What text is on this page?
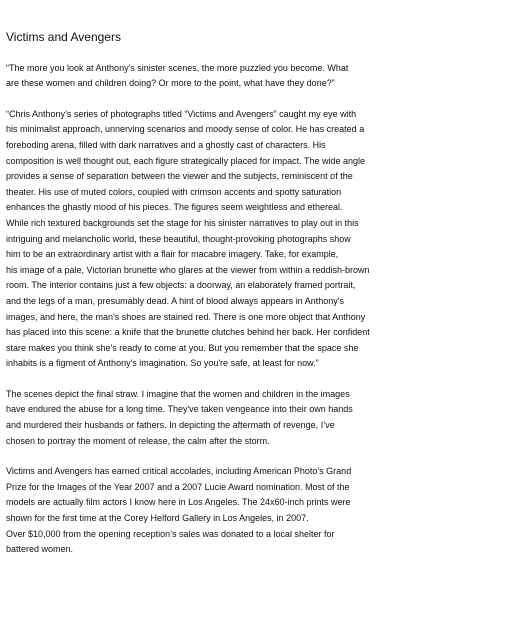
Victims and Avengers

“The more you look at Anthony's sinister scenes, the more puzzled you become. What
are these women and children doing? Or more to the point, what have they done?”

“Chris Anthony’s series of photographs titled “Victims and Avengers” caught my eye with
his minimalist approach, unnerving scenarios and moody sense of color. He has created a
foreboding arena, filled with dark narratives and a ghostly cast of characters. His
composition is well thought out, each figure strategically placed for impact. The wide angle
provides a sense of separation between the viewer and the subjects, reminiscent of the
theater. His use of muted colors, coupled with crimson accents and spotty saturation
enhances the ghastly mood of his pieces. The figures seem weightless and ethereal.
While rich textured backgrounds set the stage for his sinister narratives to play out in this
intriguing and melancholic world, these beautiful, thought-provoking photographs show
him to be an extraordinary artist with a flair for macabre imagery. Take, for example,
his image of a pale, Victorian brunette who glares at the viewer from within a reddish-brown
room. The interior contains just a few objects: a doorway, an elaborately framed portrait,
and the legs of a man, presumably dead. A hint of blood always appears in Anthony's
images, and here, the man's shoes are stained red. There is one more object that Anthony
has placed into this scene: a knife that the brunette clutches behind her back. Her confident
stare makes you think she's ready to come at you. But you remember that the space she
inhabits is a figment of Anthony's imagination. So you're safe, at least for now.”

The scenes depict the final straw. I imagine that the women and children in the images
have endured the abuse for a long time. They've taken vengeance into their own hands
and murdered their husbands or fathers. In depicting the aftermath of revenge, I’ve
chosen to portray the moment of release, the calm after the storm.

Victims and Avengers has earned critical accolades, including American Photo’s Grand
Prize for the Images of the Year 2007 and a 2007 Lucie Award nomination. Most of the
models are actually film actors I know here in Los Angeles. The 24x60-inch prints were
shown for the first time at the Corey Helford Gallery in Los Angeles, in 2007.
Over $10,000 from the opening reception’s sales was donated to a local shelter for
battered women.
